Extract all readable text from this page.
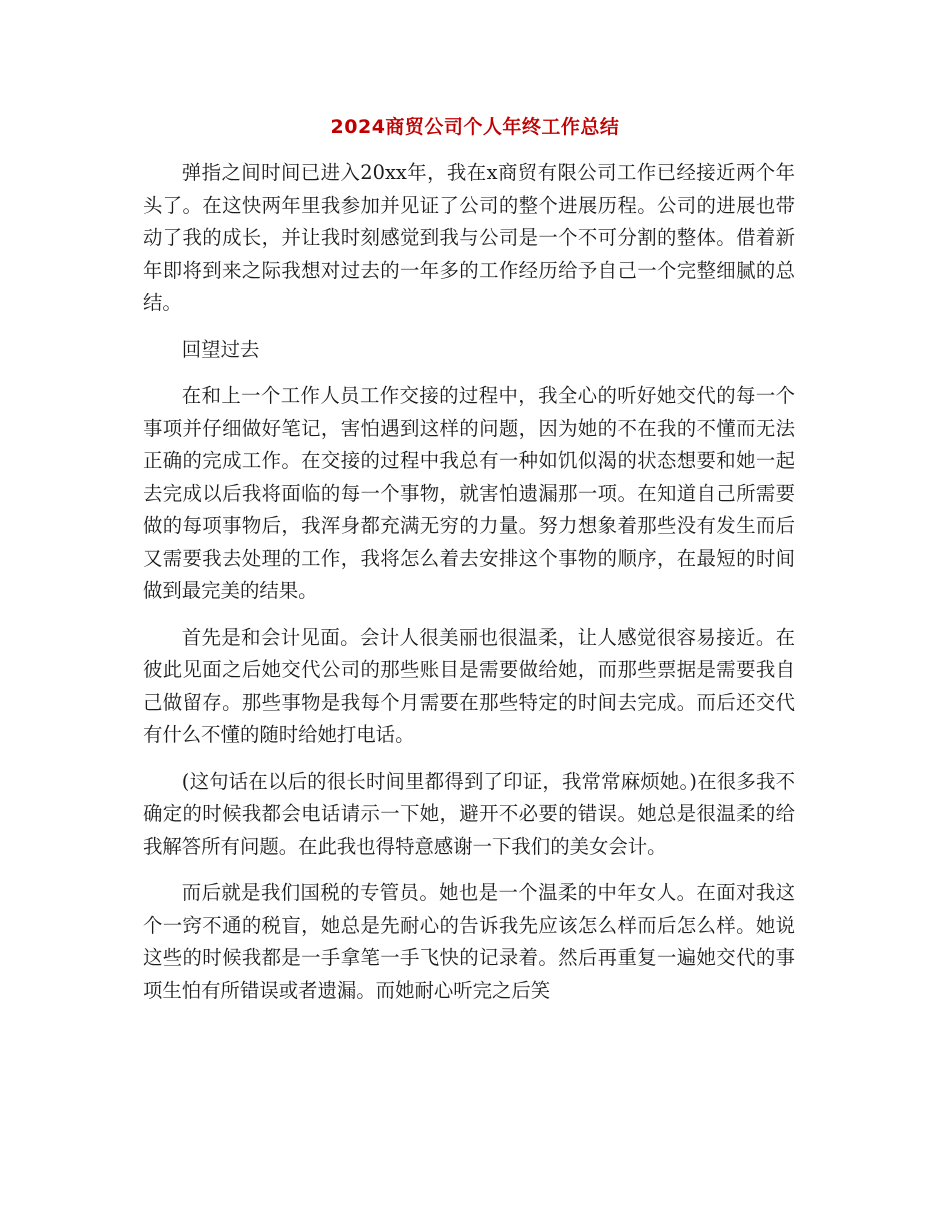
2024商贸公司个人年终工作总结

弹指之间时间已进入20xx年，我在x商贸有限公司工作已经接近两个年头了。在这快两年里我参加并见证了公司的整个进展历程。公司的进展也带动了我的成长，并让我时刻感觉到我与公司是一个不可分割的整体。借着新年即将到来之际我想对过去的一年多的工作经历给予自己一个完整细腻的总结。

回望过去

在和上一个工作人员工作交接的过程中，我全心的听好她交代的每一个事项并仔细做好笔记，害怕遇到这样的问题，因为她的不在我的不懂而无法正确的完成工作。在交接的过程中我总有一种如饥似渴的状态想要和她一起去完成以后我将面临的每一个事物，就害怕遗漏那一项。在知道自己所需要做的每项事物后，我浑身都充满无穷的力量。努力想象着那些没有发生而后又需要我去处理的工作，我将怎么着去安排这个事物的顺序，在最短的时间做到最完美的结果。

首先是和会计见面。会计人很美丽也很温柔，让人感觉很容易接近。在彼此见面之后她交代公司的那些账目是需要做给她，而那些票据是需要我自己做留存。那些事物是我每个月需要在那些特定的时间去完成。而后还交代有什么不懂的随时给她打电话。

(这句话在以后的很长时间里都得到了印证，我常常麻烦她。)在很多我不确定的时候我都会电话请示一下她，避开不必要的错误。她总是很温柔的给我解答所有问题。在此我也得特意感谢一下我们的美女会计。

而后就是我们国税的专管员。她也是一个温柔的中年女人。在面对我这个一窍不通的税盲，她总是先耐心的告诉我先应该怎么样而后怎么样。她说这些的时候我都是一手拿笔一手飞快的记录着。然后再重复一遍她交代的事项生怕有所错误或者遗漏。而她耐心听完之后笑
